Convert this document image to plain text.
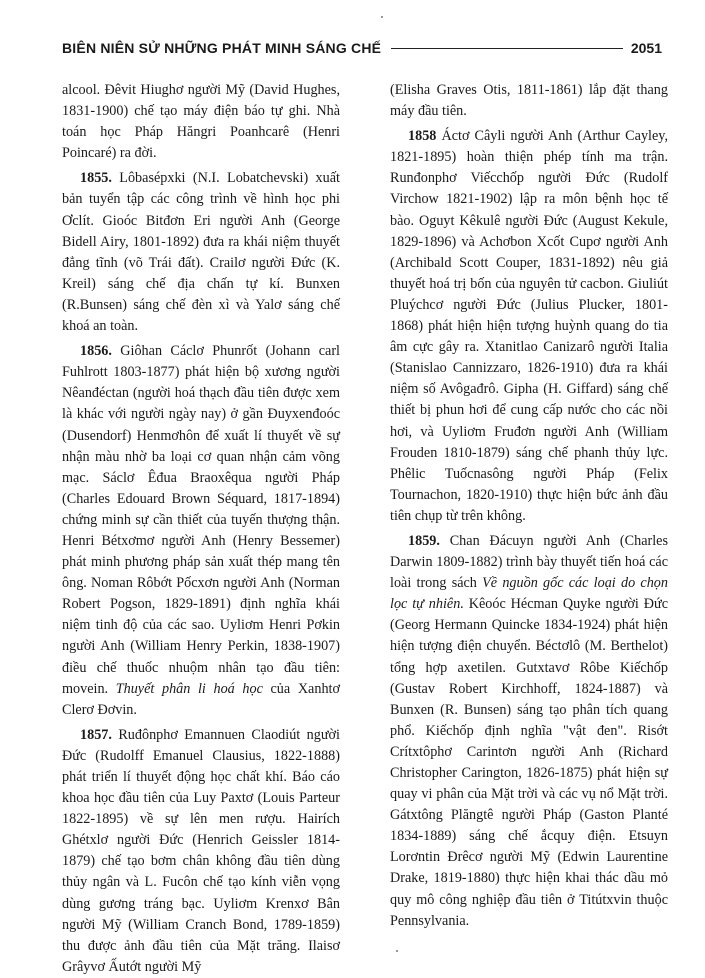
BIÊN NIÊN SỬ NHỮNG PHÁT MINH SÁNG CHẾ	2051

alcool. Đêvit Hiughơ người Mỹ (David Hughes, 1831-1900) chế tạo máy điện báo tự ghi. Nhà toán học Pháp Hăngri Poanhcarê (Henri Poincaré) ra đời.

1855. Lôbasépxki (N.I. Lobatchevski) xuất bản tuyển tập các công trình về hình học phi Ơclít. Gioóc Bitđơn Eri người Anh (George Bidell Airy, 1801-1892) đưa ra khái niệm thuyết đẳng tĩnh (võ Trái đất). Crailơ người Đức (K. Kreil) sáng chế địa chấn tự kí. Bunxen (R.Bunsen) sáng chế đèn xì và Yalơ sáng chế khoá an toàn.

1856. Giôhan Cáclơ Phunrốt (Johann carl Fuhlrott 1803-1877) phát hiện bộ xương người Nêanđéctan (người hoá thạch đầu tiên được xem là khác với người ngày nay) ở gần Đuyxenđoóc (Dusendorf) Henmơhôn để xuất lí thuyết về sự nhận màu nhờ ba loại cơ quan nhận cảm võng mạc. Sáclơ Êđua Braoxêqua người Pháp (Charles Edouard Brown Séquard, 1817-1894) chứng minh sự cần thiết của tuyến thượng thận. Henri Bétxơmơ người Anh (Henry Bessemer) phát minh phương pháp sản xuất thép mang tên ông. Noman Rôbớt Pốcxơn người Anh (Norman Robert Pogson, 1829-1891) định nghĩa khái niệm tinh độ của các sao. Uyliơm Henri Pơkin người Anh (William Henry Perkin, 1838-1907) điều chế thuốc nhuộm nhân tạo đầu tiên: movein. Thuyết phân li hoá học của Xanhtơ Clerơ Đơvin.

1857. Ruđônphơ Emannuen Claodiút người Đức (Rudolff Emanuel Clausius, 1822-1888) phát triển lí thuyết động học chất khí. Báo cáo khoa học đầu tiên của Luy Paxtơ (Louis Parteur 1822-1895) về sự lên men rượu. Hairích Ghétxlơ người Đức (Henrich Geissler 1814-1879) chế tạo bơm chân không đầu tiên dùng thủy ngân và L. Fucôn chế tạo kính viễn vọng dùng gương tráng bạc. Uyliơm Krenxơ Bân người Mỹ (William Cranch Bond, 1789-1859) thu được ảnh đầu tiên của Mặt trăng. Ilaisơ Grâyvơ Ấutớt người Mỹ

(Elisha Graves Otis, 1811-1861) lắp đặt thang máy đầu tiên.

1858 Áctơ Câyli người Anh (Arthur Cayley, 1821-1895) hoàn thiện phép tính ma trận. Runđonphơ Viếcchốp người Đức (Rudolf Virchow 1821-1902) lập ra môn bệnh học tế bào. Oguyt Kêkulê người Đức (August Kekule, 1829-1896) và Achơbon Xcốt Cupơ người Anh (Archibald Scott Couper, 1831-1892) nêu giả thuyết hoá trị bốn của nguyên tử cacbon. Giuliút Pluýchcơ người Đức (Julius Plucker, 1801-1868) phát hiện hiện tượng huỳnh quang do tia âm cực gây ra. Xtanitlao Canizarô người Italia (Stanislao Cannizzaro, 1826-1910) đưa ra khái niệm số Avôgađrô. Gipha (H. Giffard) sáng chế thiết bị phun hơi để cung cấp nước cho các nồi hơi, và Uyliơm Fruđơn người Anh (William Frouden 1810-1879) sáng chế phanh thủy lực. Phêlic Tuốcnasông người Pháp (Felix Tournachon, 1820-1910) thực hiện bức ảnh đầu tiên chụp từ trên không.

1859. Chan Đácuyn người Anh (Charles Darwin 1809-1882) trình bày thuyết tiến hoá các loài trong sách Về nguồn gốc các loại do chọn lọc tự nhiên. Kêoóc Hécman Quyke người Đức (Georg Hermann Quincke 1834-1924) phát hiện hiện tượng điện chuyển. Béctơlô (M. Berthelot) tổng hợp axetilen. Gutxtavơ Rôbe Kiếchốp (Gustav Robert Kirchhoff, 1824-1887) và Bunxen (R. Bunsen) sáng tạo phân tích quang phổ. Kiếchốp định nghĩa "vật đen". Risớt Crítxtôphơ Carintơn người Anh (Richard Christopher Carington, 1826-1875) phát hiện sự quay vi phân của Mặt trời và các vụ nổ Mặt trời. Gátxtông Plăngtê người Pháp (Gaston Planté 1834-1889) sáng chế ắcquy điện. Etsuyn Lorơntin Đrêcơ người Mỹ (Edwin Laurentine Drake, 1819-1880) thực hiện khai thác dầu mỏ quy mô công nghiệp đầu tiên ở Titútxvin thuộc Pennsylvania.
